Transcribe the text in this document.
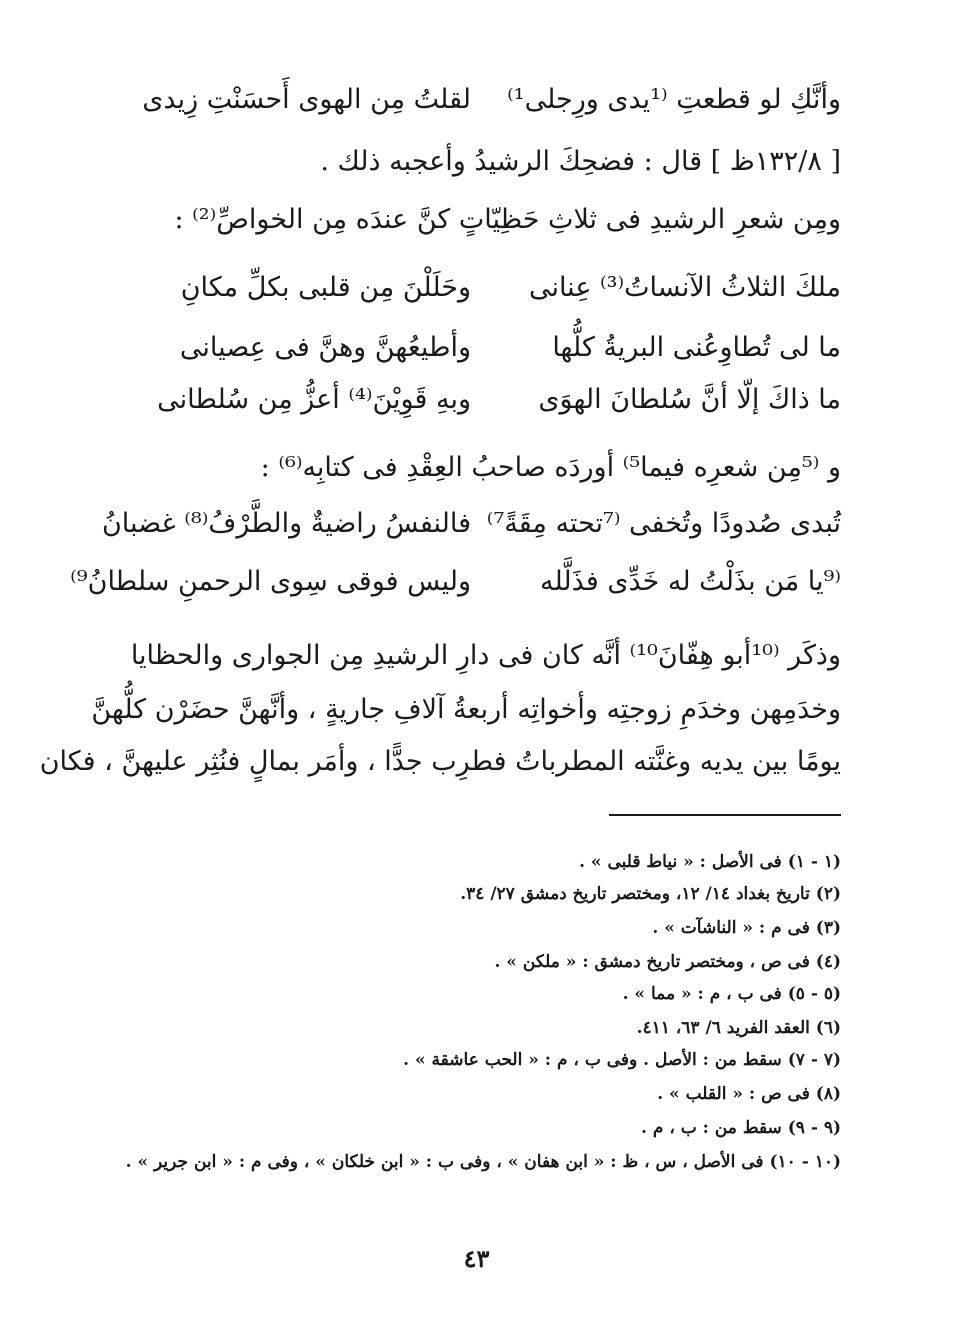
وأنَّكِ لو قطعتِ ⁽¹يدى ورِجلى¹⁾
لقلتُ مِن الهوى أَحسَنْتِ زِيدى
[ ١٣٢/٨ظ ] قال : فضحِكَ الرشيدُ وأعجبه ذلك .
ومِن شعرِ الرشيدِ فى ثلاثِ حَظِيّاتٍ كنَّ عندَه مِن الخواصِّ⁽²⁾ :
ملكَ الثلاثُ الآنساتُ⁽³⁾ عِنانى
وحَلَلْنَ مِن قلبى بكلِّ مكانِ
ما لى تُطاوِعُنى البريةُ كلُّها
وأطيعُهنَّ وهنَّ فى عِصيانى
ما ذاكَ إلّا أنَّ سُلطانَ الهوَى
وبهِ قَوِيْنَ⁽⁴⁾ أعزُّ مِن سُلطانى
و ⁽⁵مِن شعرِه فيما⁵⁾ أوردَه صاحبُ العِقْدِ فى كتابِه⁽⁶⁾ :
تُبدى صُدودًا وتُخفى ⁽⁷تحته مِقَةً⁷⁾
فالنفسُ راضيةٌ والطَّرْفُ⁽⁸⁾ غضبانُ
⁽⁹يا مَن بذَلْتُ له خَدِّى فذَلَّله
وليس فوقى سِوى الرحمنِ سلطانُ⁹⁾
وذكَر ⁽¹⁰أبو هِفّانَ¹⁰⁾ أنَّه كان فى دارِ الرشيدِ مِن الجوارى والحظايا
وخدَمِهن وخدَمِ زوجتِه وأخواتِه أربعةُ آلافِ جاريةٍ ، وأنَّهنَّ حضَرْن كلُّهنَّ
يومًا بين يديه وغنَّته المطرباتُ فطرِب جدًّا ، وأمَر بمالٍ فنُثِر عليهنَّ ، فكان
(١ - ١) فى الأصل : « نياط قلبى » .
(٢) تاريخ بغداد ١٤/ ١٢، ومختصر تاريخ دمشق ٢٧/ ٣٤.
(٣) فى م : « الناشآت » .
(٤) فى ص ، ومختصر تاريخ دمشق : « ملكن » .
(٥ - ٥) فى ب ، م : « مما » .
(٦) العقد الفريد ٦/ ٦٣، ٤١١.
(٧ - ٧) سقط من : الأصل . وفى ب ، م : « الحب عاشقة » .
(٨) فى ص : « القلب » .
(٩ - ٩) سقط من : ب ، م .
(١٠ - ١٠) فى الأصل ، س ، ظ : « ابن هفان » ، وفى ب : « ابن خلكان » ، وفى م : « ابن جرير » .
٤٣
